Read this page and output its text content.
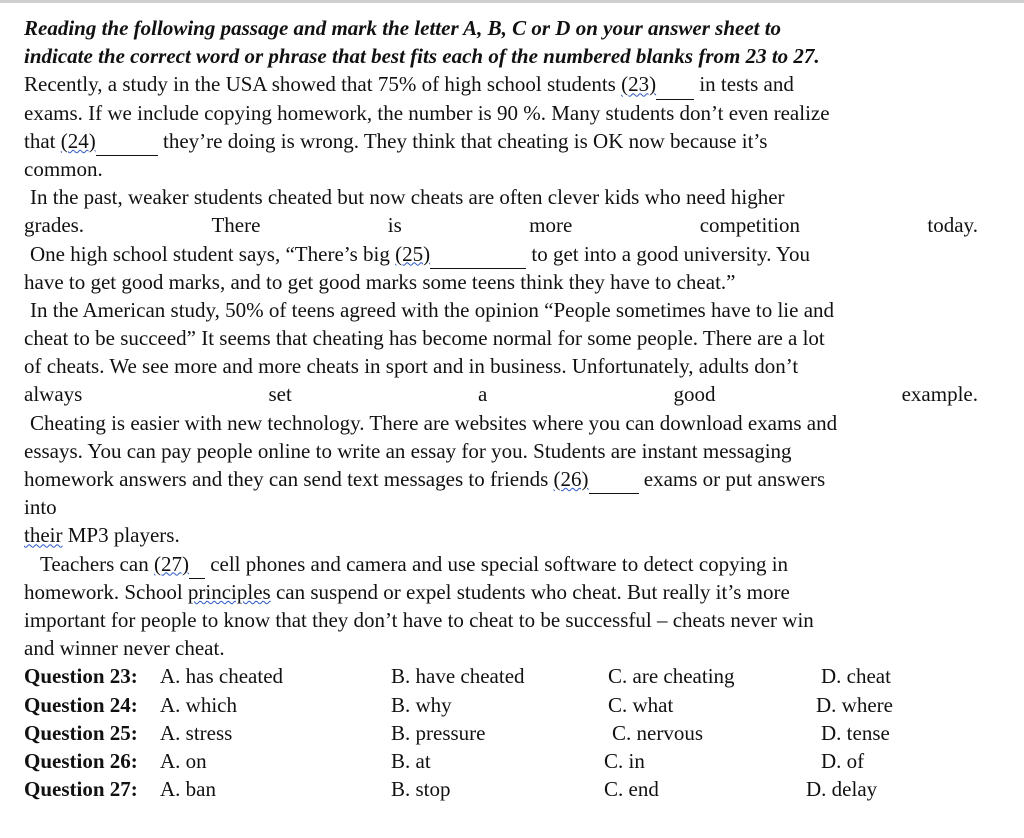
Reading the following passage and mark the letter A, B, C or D on your answer sheet to
indicate the correct word or phrase that best fits each of the numbered blanks from 23 to 27.
Recently, a study in the USA showed that 75% of high school students (23)  in tests and
exams. If we include copying homework, the number is 90 %. Many students don’t even realize
that (24)	they’re doing is wrong. They think that cheating is OK now because it’s
common.
In the past, weaker students cheated but now cheats are often clever kids who need higher
grades.	There	is	more	competition	today.
One high school student says, “There’s big (25)	to get into a good university. You
have to get good marks, and to get good marks some teens think they have to cheat.”
In the American study, 50% of teens agreed with the opinion “People sometimes have to lie and
cheat to be succeed” It seems that cheating has become normal for some people. There are a lot
of cheats. We see more and more cheats in sport and in business. Unfortunately, adults don’t
always	set	a	good	example.
Cheating is easier with new technology. There are websites where you can download exams and
essays. You can pay people online to write an essay for you. Students are instant messaging
homework answers and they can send text messages to friends (26)  exams or put answers
into
their MP3 players.
Teachers can (27)  cell phones and camera and use special software to detect copying in
homework. School principles can suspend or expel students who cheat. But really it’s more
important for people to know that they don’t have to cheat to be successful – cheats never win
and winner never cheat.
Question 23: A. has cheated	B. have cheated	C. are cheating	D. cheat
Question 24: A. which	B. why	C. what	D. where
Question 25: A. stress	B. pressure	C. nervous	D. tense
Question 26: A. on	B. at	C. in	D. of
Question 27: A. ban	B. stop	C. end	D. delay
